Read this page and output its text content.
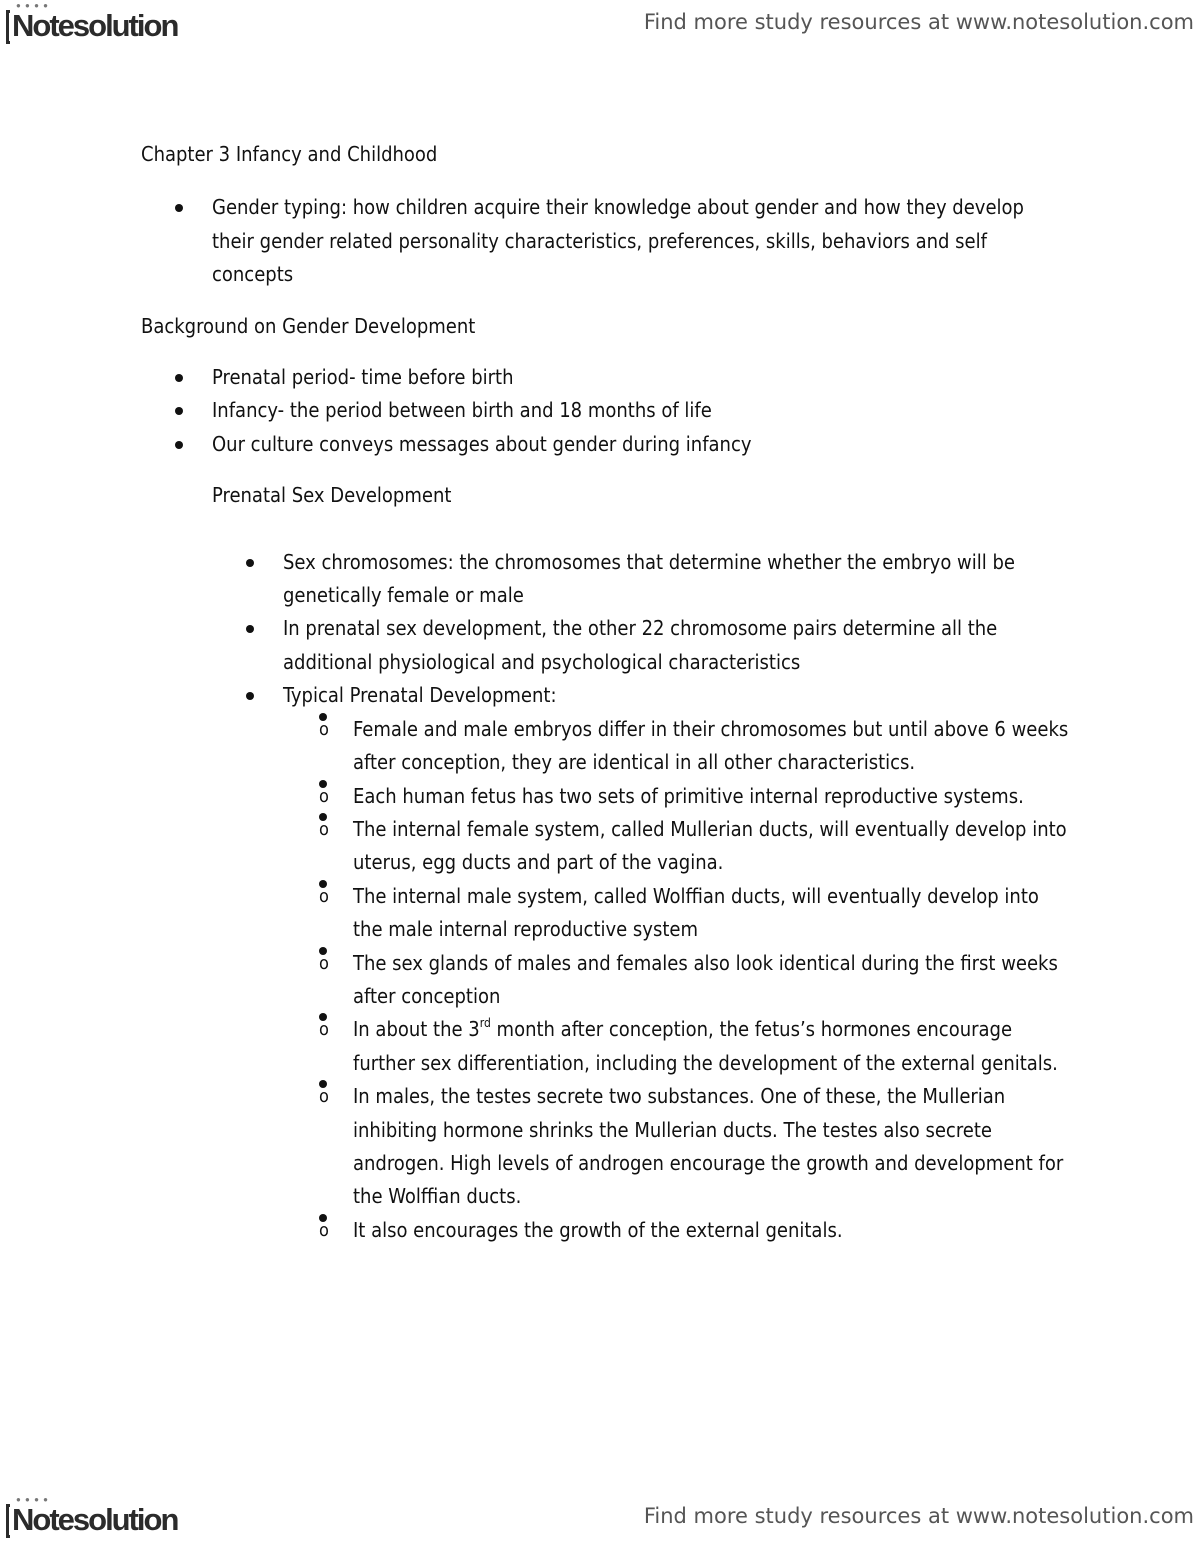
● ● ● ●
Notesolution	Find more study resources at www.notesolution.com

Chapter 3 Infancy and Childhood

Gender typing: how children acquire their knowledge about gender and how they develop their gender related personality characteristics, preferences, skills, behaviors and self concepts

Background on Gender Development

Prenatal period- time before birth
Infancy- the period between birth and 18 months of life
Our culture conveys messages about gender during infancy

Prenatal Sex Development

Sex chromosomes: the chromosomes that determine whether the embryo will be genetically female or male
In prenatal sex development, the other 22 chromosome pairs determine all the additional physiological and psychological characteristics
Typical Prenatal Development:
o Female and male embryos differ in their chromosomes but until above 6 weeks after conception, they are identical in all other characteristics.
o Each human fetus has two sets of primitive internal reproductive systems.
o The internal female system, called Mullerian ducts, will eventually develop into uterus, egg ducts and part of the vagina.
o The internal male system, called Wolffian ducts, will eventually develop into the male internal reproductive system
o The sex glands of males and females also look identical during the first weeks after conception
o In about the 3rd month after conception, the fetus’s hormones encourage further sex differentiation, including the development of the external genitals.
o In males, the testes secrete two substances. One of these, the Mullerian inhibiting hormone shrinks the Mullerian ducts. The testes also secrete androgen. High levels of androgen encourage the growth and development for the Wolffian ducts.
o It also encourages the growth of the external genitals.
● ● ● ●
Notesolution	Find more study resources at www.notesolution.com
